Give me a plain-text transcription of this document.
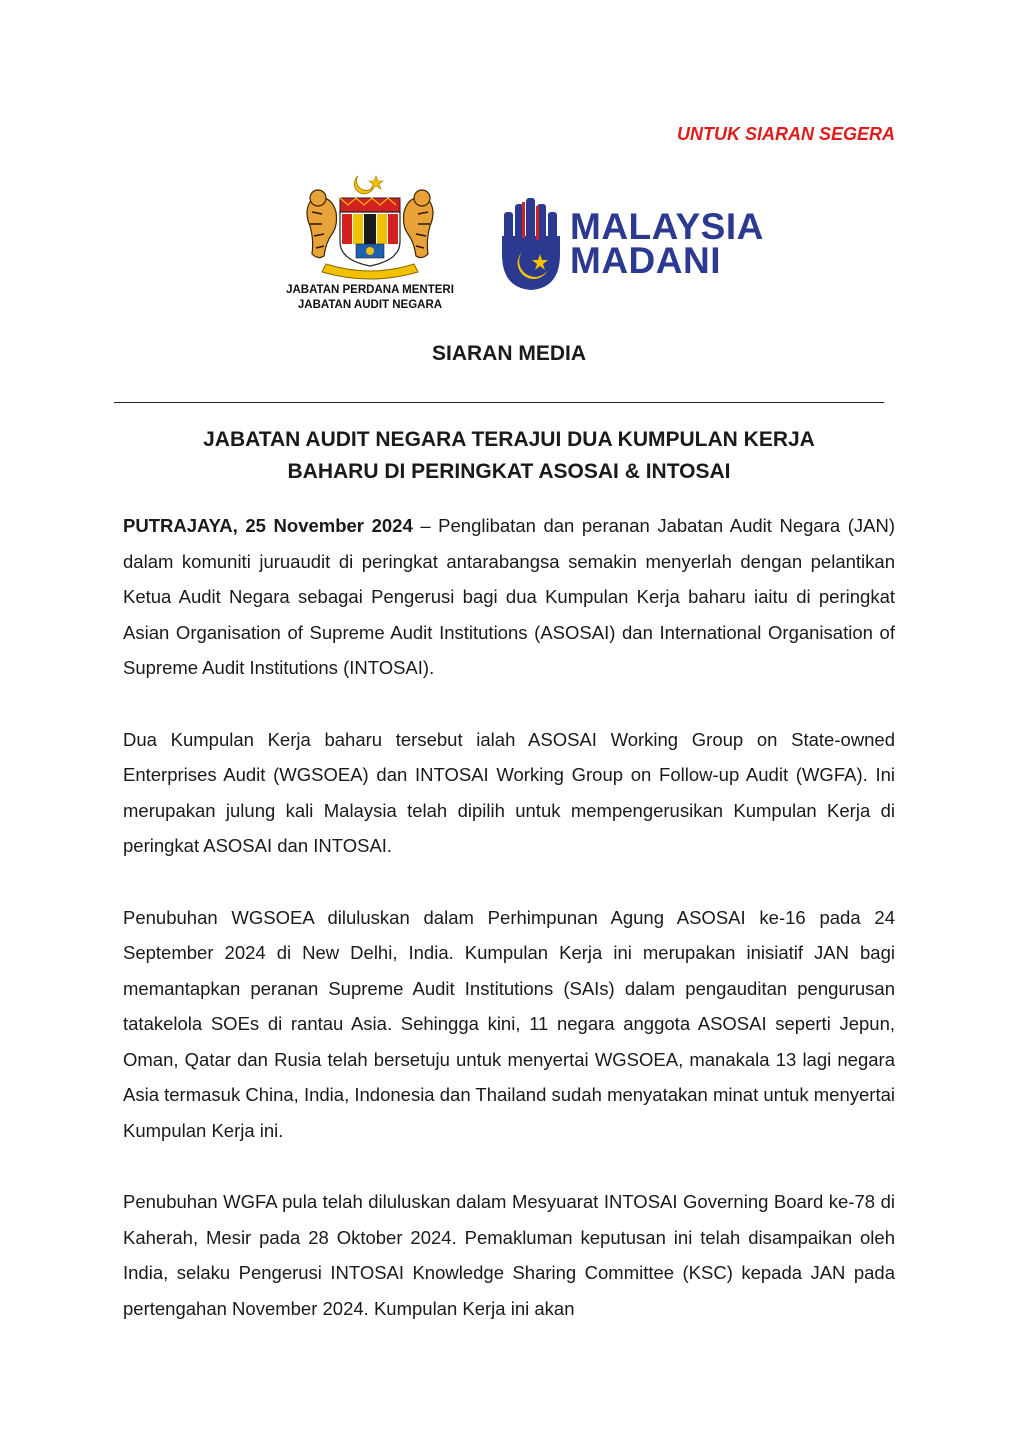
UNTUK SIARAN SEGERA

JABATAN PERDANA MENTERI
JABATAN AUDIT NEGARA
MALAYSIA
MADANI
SIARAN MEDIA
JABATAN AUDIT NEGARA TERAJUI DUA KUMPULAN KERJA
BAHARU DI PERINGKAT ASOSAI & INTOSAI

PUTRAJAYA, 25 November 2024 – Penglibatan dan peranan Jabatan Audit Negara (JAN) dalam komuniti juruaudit di peringkat antarabangsa semakin menyerlah dengan pelantikan Ketua Audit Negara sebagai Pengerusi bagi dua Kumpulan Kerja baharu iaitu di peringkat Asian Organisation of Supreme Audit Institutions (ASOSAI) dan International Organisation of Supreme Audit Institutions (INTOSAI).

Dua Kumpulan Kerja baharu tersebut ialah ASOSAI Working Group on State-owned Enterprises Audit (WGSOEA) dan INTOSAI Working Group on Follow-up Audit (WGFA). Ini merupakan julung kali Malaysia telah dipilih untuk mempengerusikan Kumpulan Kerja di peringkat ASOSAI dan INTOSAI.

Penubuhan WGSOEA diluluskan dalam Perhimpunan Agung ASOSAI ke-16 pada 24 September 2024 di New Delhi, India. Kumpulan Kerja ini merupakan inisiatif JAN bagi memantapkan peranan Supreme Audit Institutions (SAIs) dalam pengauditan pengurusan tatakelola SOEs di rantau Asia. Sehingga kini, 11 negara anggota ASOSAI seperti Jepun, Oman, Qatar dan Rusia telah bersetuju untuk menyertai WGSOEA, manakala 13 lagi negara Asia termasuk China, India, Indonesia dan Thailand sudah menyatakan minat untuk menyertai Kumpulan Kerja ini.

Penubuhan WGFA pula telah diluluskan dalam Mesyuarat INTOSAI Governing Board ke-78 di Kaherah, Mesir pada 28 Oktober 2024. Pemakluman keputusan ini telah disampaikan oleh India, selaku Pengerusi INTOSAI Knowledge Sharing Committee (KSC) kepada JAN pada pertengahan November 2024. Kumpulan Kerja ini akan
